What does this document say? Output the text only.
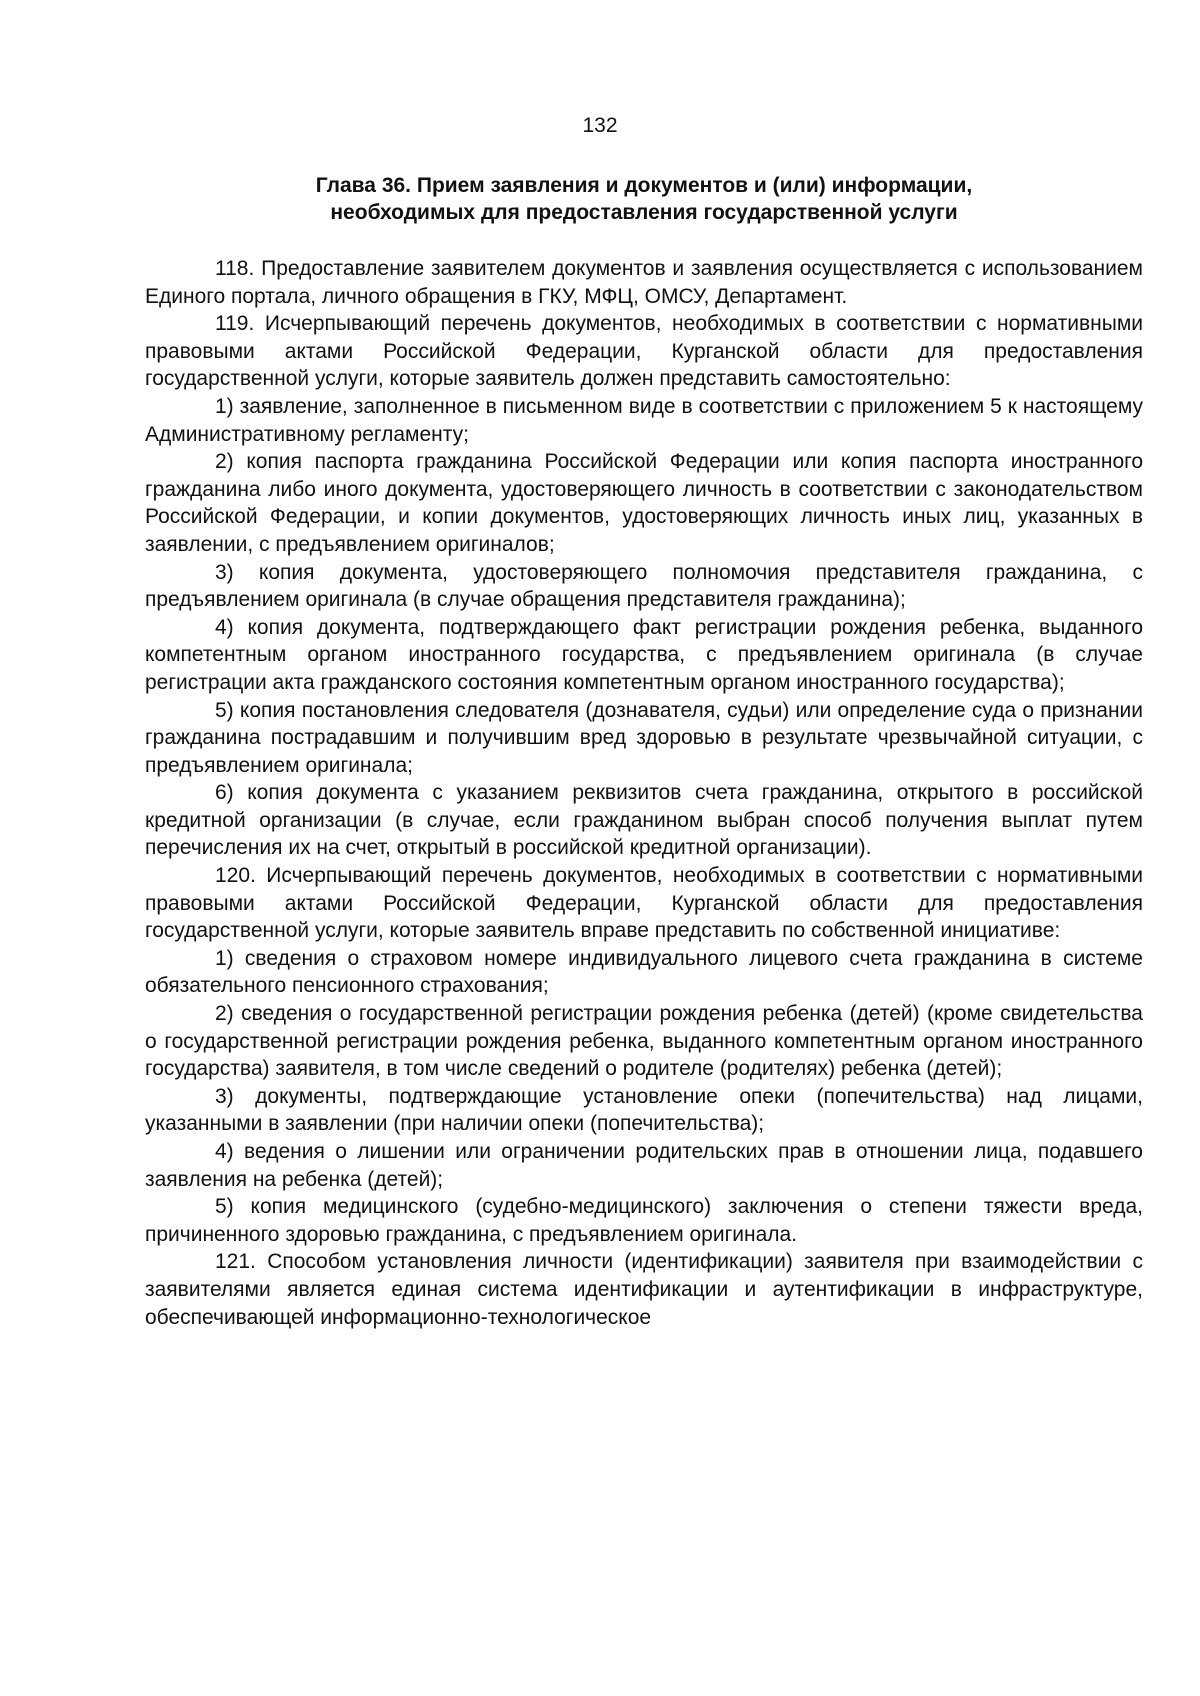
132
Глава 36. Прием заявления и документов и (или) информации,
необходимых для предоставления государственной услуги

118. Предоставление заявителем документов и заявления осуществляется с использованием Единого портала, личного обращения в ГКУ, МФЦ, ОМСУ, Департамент.

119. Исчерпывающий перечень документов, необходимых в соответствии с нормативными правовыми актами Российской Федерации, Курганской области для предоставления государственной услуги, которые заявитель должен представить самостоятельно:

1) заявление, заполненное в письменном виде в соответствии с приложением 5 к настоящему Административному регламенту;

2) копия паспорта гражданина Российской Федерации или копия паспорта иностранного гражданина либо иного документа, удостоверяющего личность в соответствии с законодательством Российской Федерации, и копии документов, удостоверяющих личность иных лиц, указанных в заявлении, с предъявлением оригиналов;

3) копия документа, удостоверяющего полномочия представителя гражданина, с предъявлением оригинала (в случае обращения представителя гражданина);

4) копия документа, подтверждающего факт регистрации рождения ребенка, выданного компетентным органом иностранного государства, с предъявлением оригинала (в случае регистрации акта гражданского состояния компетентным органом иностранного государства);

5) копия постановления следователя (дознавателя, судьи) или определение суда о признании гражданина пострадавшим и получившим вред здоровью в результате чрезвычайной ситуации, с предъявлением оригинала;

6) копия документа с указанием реквизитов счета гражданина, открытого в российской кредитной организации (в случае, если гражданином выбран способ получения выплат путем перечисления их на счет, открытый в российской кредитной организации).

120. Исчерпывающий перечень документов, необходимых в соответствии с нормативными правовыми актами Российской Федерации, Курганской области для предоставления государственной услуги, которые заявитель вправе представить по собственной инициативе:

1) сведения о страховом номере индивидуального лицевого счета гражданина в системе обязательного пенсионного страхования;

2) сведения о государственной регистрации рождения ребенка (детей) (кроме свидетельства о государственной регистрации рождения ребенка, выданного компетентным органом иностранного государства) заявителя, в том числе сведений о родителе (родителях) ребенка (детей);

3) документы, подтверждающие установление опеки (попечительства) над лицами, указанными в заявлении (при наличии опеки (попечительства);

4) ведения о лишении или ограничении родительских прав в отношении лица, подавшего заявления на ребенка (детей);

5) копия медицинского (судебно-медицинского) заключения о степени тяжести вреда, причиненного здоровью гражданина, с предъявлением оригинала.

121. Способом установления личности (идентификации) заявителя при взаимодействии с заявителями является единая система идентификации и аутентификации в инфраструктуре, обеспечивающей информационно-технологическое
